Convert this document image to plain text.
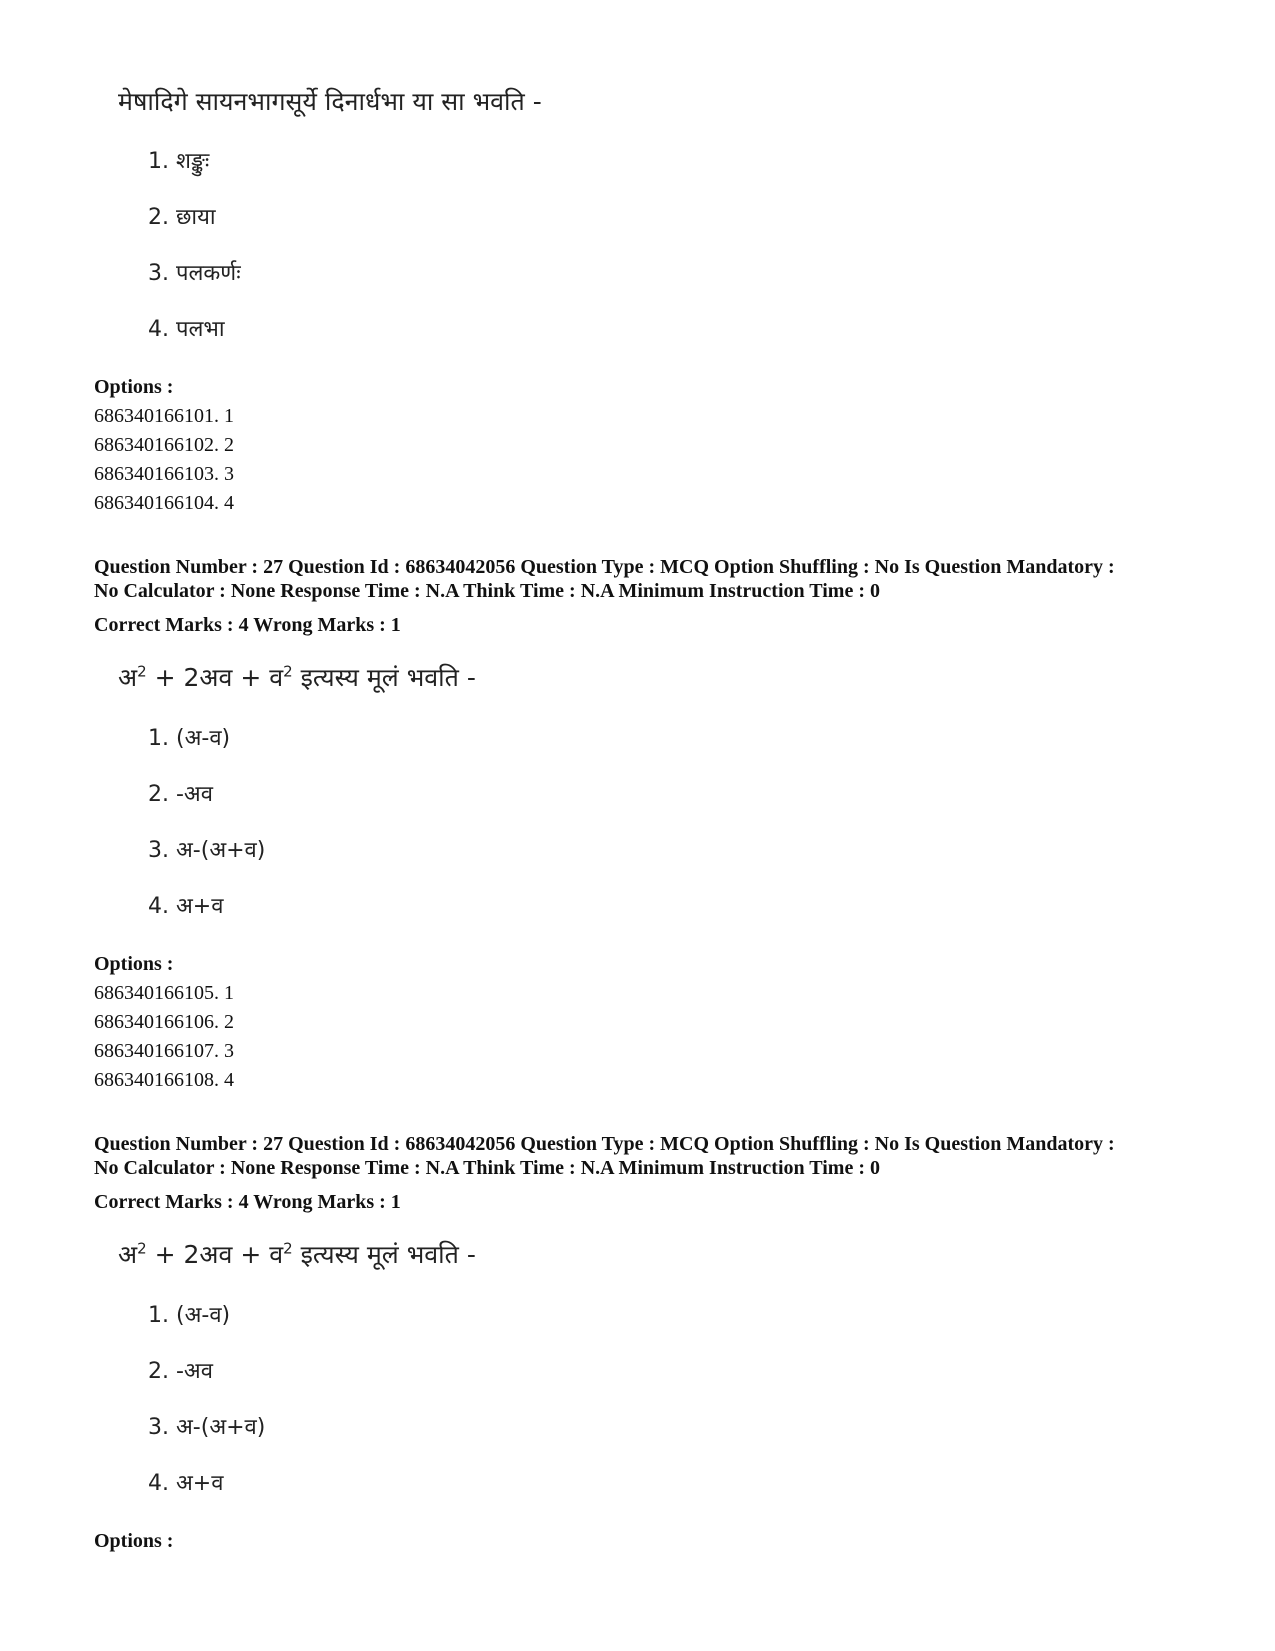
मेषादिगे सायनभागसूर्ये दिनार्धभा या सा भवति -
1. शङ्कुः
2. छाया
3. पलकर्णः
4. पलभा
Options :
686340166101. 1
686340166102. 2
686340166103. 3
686340166104. 4
Question Number : 27 Question Id : 68634042056 Question Type : MCQ Option Shuffling : No Is Question Mandatory :
No Calculator : None Response Time : N.A Think Time : N.A Minimum Instruction Time : 0
Correct Marks : 4 Wrong Marks : 1
अ$^2$ + 2अव + व$^2$ इत्यस्य मूलं भवति -
1. (अ-व)
2. -अव
3. अ-(अ+व)
4. अ+व
Options :
686340166105. 1
686340166106. 2
686340166107. 3
686340166108. 4
Question Number : 27 Question Id : 68634042056 Question Type : MCQ Option Shuffling : No Is Question Mandatory :
No Calculator : None Response Time : N.A Think Time : N.A Minimum Instruction Time : 0
Correct Marks : 4 Wrong Marks : 1
अ$^2$ + 2अव + व$^2$ इत्यस्य मूलं भवति -
1. (अ-व)
2. -अव
3. अ-(अ+व)
4. अ+व
Options :
